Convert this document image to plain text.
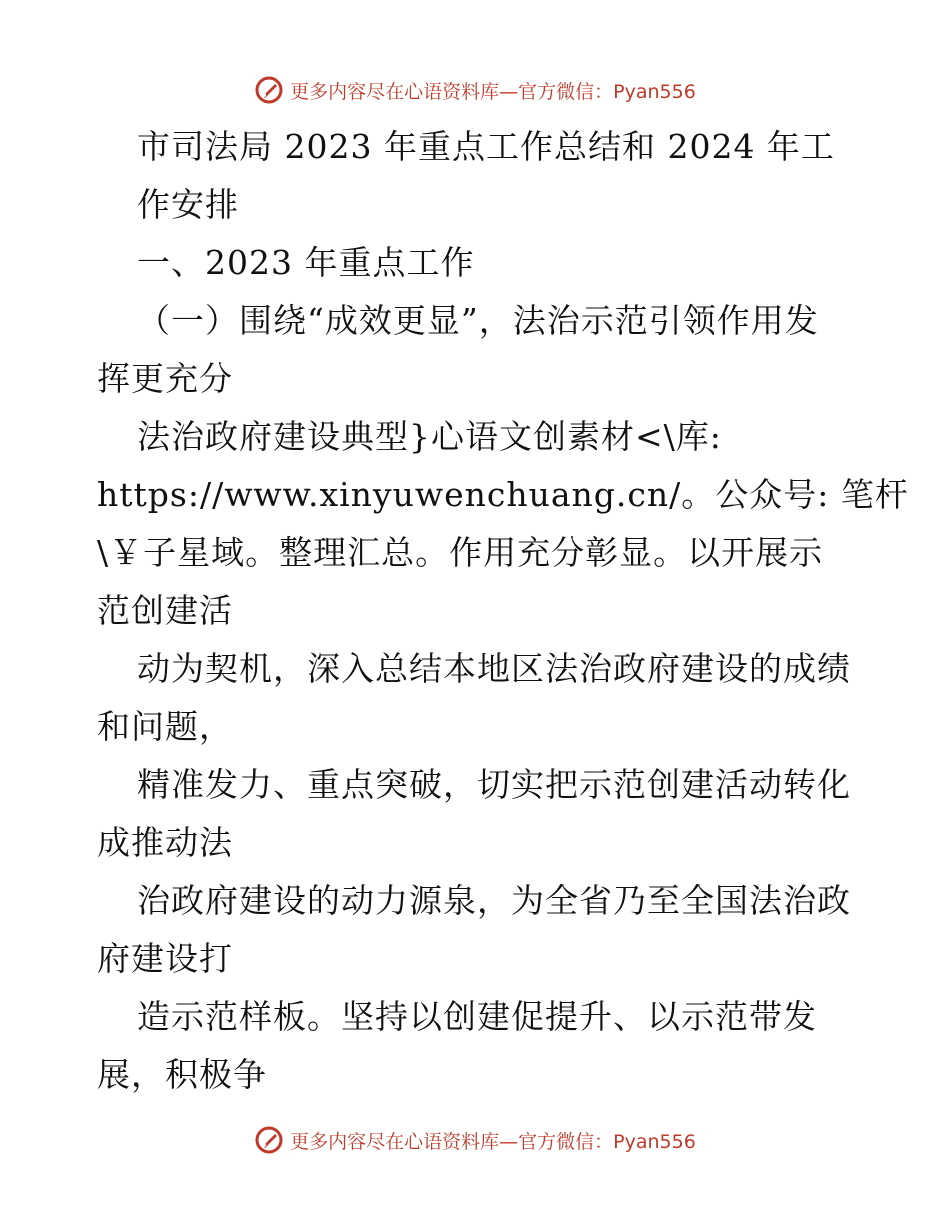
更多内容尽在心语资料库—官方微信：Pyan556
市司法局 2023 年重点工作总结和 2024 年工
作安排
一、2023 年重点工作
（一）围绕“成效更显”，法治示范引领作用发
挥更充分
法治政府建设典型}心语文创素材<\库:
https://www.xinyuwenchuang.cn/。公众号: 笔杆
\￥子星域。整理汇总。作用充分彰显。以开展示
范创建活
动为契机，深入总结本地区法治政府建设的成绩
和问题，
精准发力、重点突破，切实把示范创建活动转化
成推动法
治政府建设的动力源泉，为全省乃至全国法治政
府建设打
造示范样板。坚持以创建促提升、以示范带发
展，积极争
更多内容尽在心语资料库—官方微信：Pyan556
